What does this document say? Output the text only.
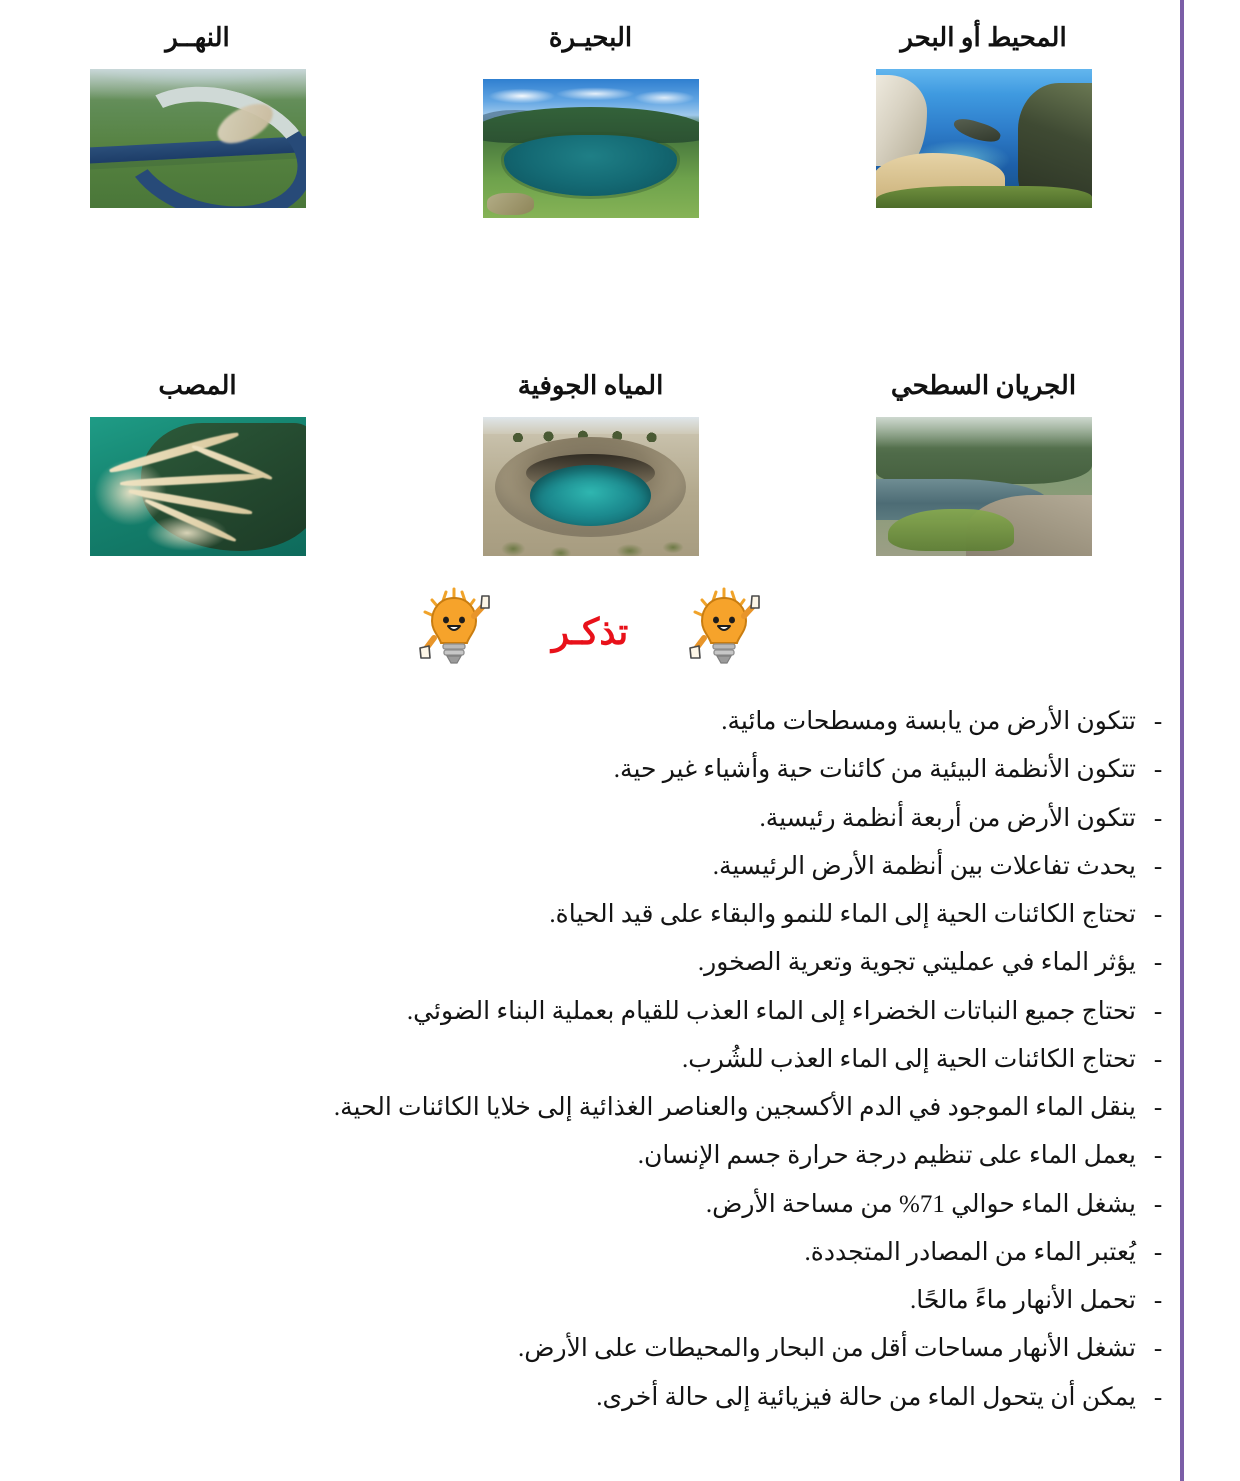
المحيط أو البحر
البحيـرة
النهــر
الجريان السطحي
المياه الجوفية
المصب
تذكـر
-
تتكون الأرض من يابسة ومسطحات مائية.
-
تتكون الأنظمة البيئية من كائنات حية وأشياء غير حية.
-
تتكون الأرض من أربعة أنظمة رئيسية.
-
يحدث تفاعلات بين أنظمة الأرض الرئيسية.
-
تحتاج الكائنات الحية إلى الماء للنمو والبقاء على قيد الحياة.
-
يؤثر الماء في عمليتي تجوية وتعرية الصخور.
-
تحتاج جميع النباتات الخضراء إلى الماء العذب للقيام بعملية البناء الضوئي.
-
تحتاج الكائنات الحية إلى الماء العذب للشُرب.
-
ينقل الماء الموجود في الدم الأكسجين والعناصر الغذائية إلى خلايا الكائنات الحية.
-
يعمل الماء على تنظيم درجة حرارة جسم الإنسان.
-
يشغل الماء حوالي 71% من مساحة الأرض.
-
يُعتبر الماء من المصادر المتجددة.
-
تحمل الأنهار ماءً مالحًا.
-
تشغل الأنهار مساحات أقل من البحار والمحيطات على الأرض.
-
يمكن أن يتحول الماء من حالة فيزيائية إلى حالة أخرى.
